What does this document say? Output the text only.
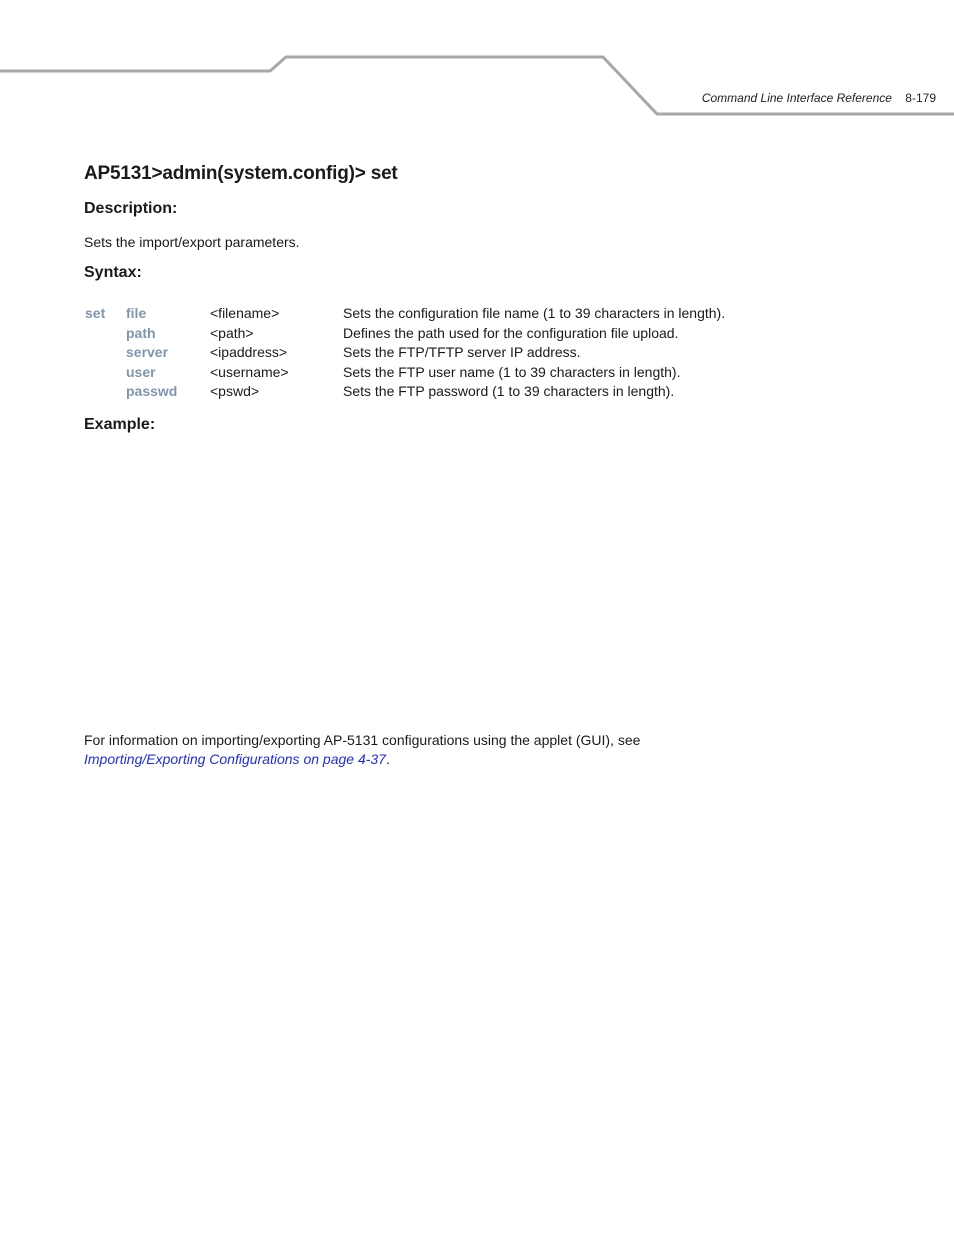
Command Line Interface Reference 8-179
AP5131>admin(system.config)> set
Description:

Sets the import/export parameters.

Syntax:
set file	<filename>	Sets the configuration file name (1 to 39 characters in length).
path	<path>	Defines the path used for the configuration file upload.
server	<ipaddress>	Sets the FTP/TFTP server IP address.
user	<username>	Sets the FTP user name (1 to 39 characters in length).
passwd <pswd>	Sets the FTP password (1 to 39 characters in length).
Example:

For information on importing/exporting AP-5131 configurations using the applet (GUI), see
Importing/Exporting Configurations on page 4-37.
